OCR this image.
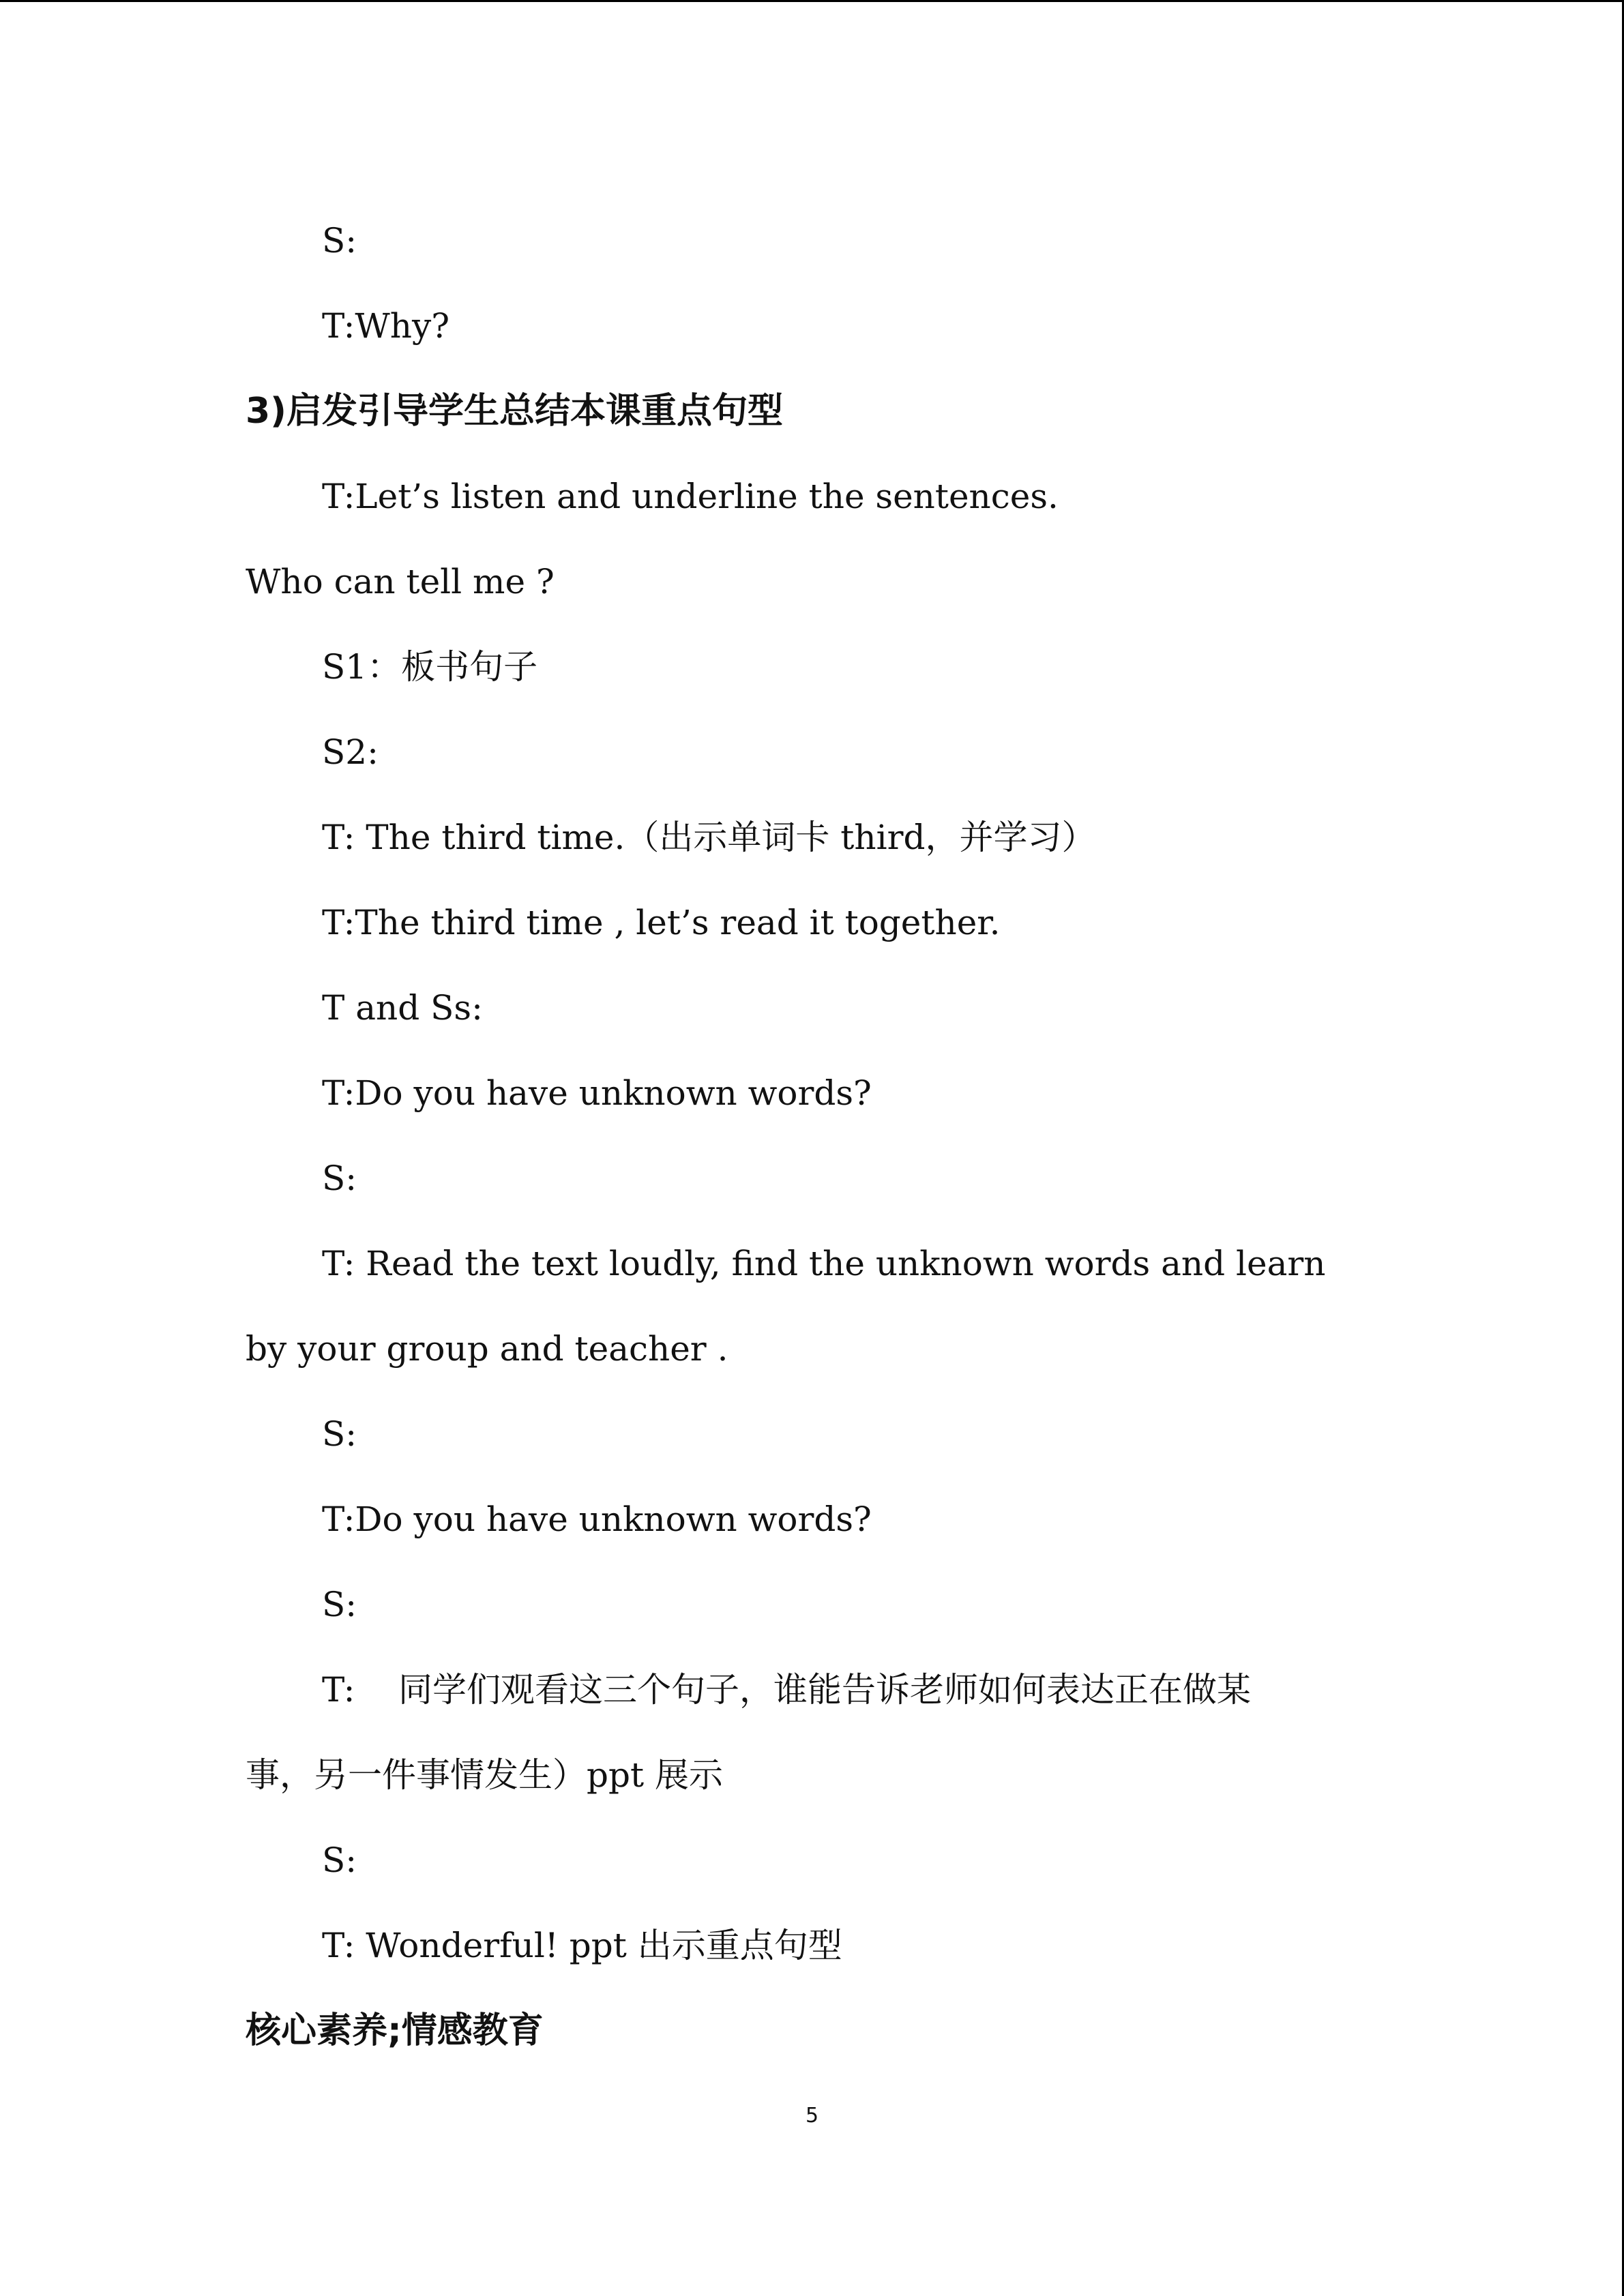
S:
T:Why?
3)启发引导学生总结本课重点句型
T:Let’s listen and underline the sentences.
Who can tell me ?
S1：板书句子
S2:
T: The third time.（出示单词卡 third，并学习）
T:The third time , let’s read it together.
T and Ss:
T:Do you have unknown words?
S:
T: Read the text loudly, find the unknown words and learn
by your group and teacher .
S:
T:Do you have unknown words?
S:
T:    同学们观看这三个句子，谁能告诉老师如何表达正在做某
事，另一件事情发生）ppt 展示
S:
T: Wonderful! ppt 出示重点句型
核心素养;情感教育
5
